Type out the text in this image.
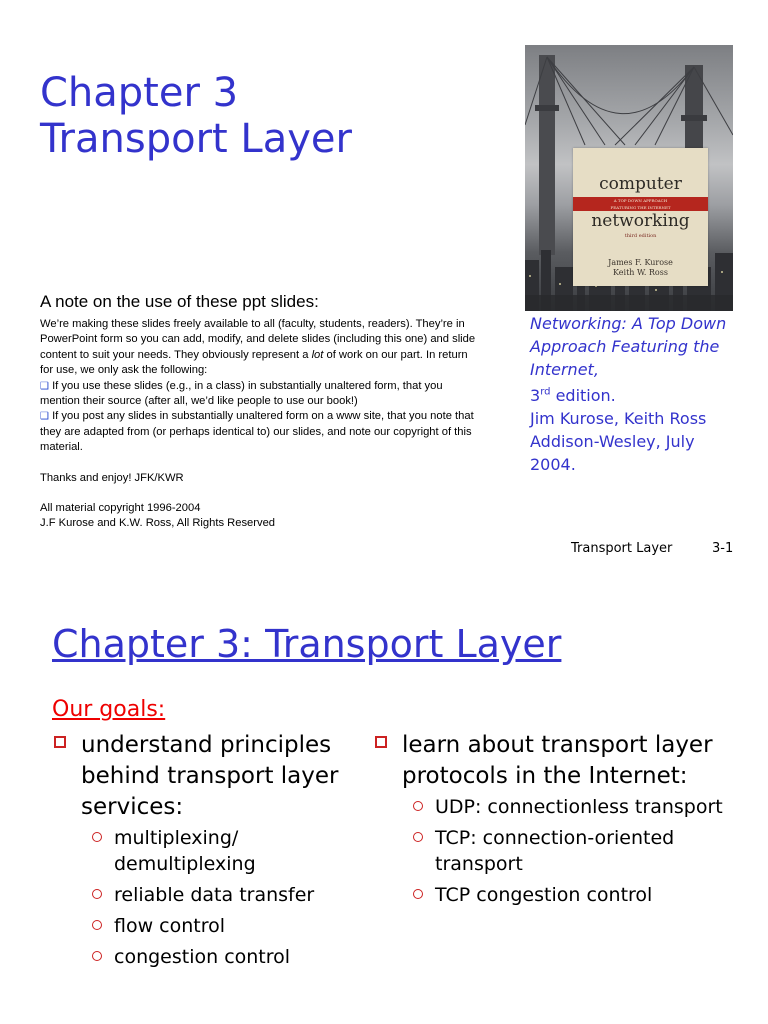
Chapter 3
Transport Layer
computer
A TOP DOWN APPROACH
FEATURING THE INTERNET
networking
third edition
James F. Kurose
Keith W. Ross
Networking: A Top Down Approach Featuring the Internet,
3rd edition.
Jim Kurose, Keith Ross
Addison-Wesley, July 2004.
A note on the use of these ppt slides:

We’re making these slides freely available to all (faculty, students, readers). They’re in PowerPoint form so you can add, modify, and delete slides (including this one) and slide content to suit your needs. They obviously represent a lot of work on our part. In return for use, we only ask the following:

❑ If you use these slides (e.g., in a class) in substantially unaltered form, that you mention their source (after all, we’d like people to use our book!)

❑ If you post any slides in substantially unaltered form on a www site, that you note that they are adapted from (or perhaps identical to) our slides, and note our copyright of this material.

Thanks and enjoy! JFK/KWR

All material copyright 1996-2004

J.F Kurose and K.W. Ross, All Rights Reserved

Transport Layer	3-1
Chapter 3: Transport Layer
Our goals:
understand principles behind transport layer services:
multiplexing/ demultiplexing
reliable data transfer
flow control
congestion control
learn about transport layer protocols in the Internet:
UDP: connectionless transport
TCP: connection-oriented transport
TCP congestion control
